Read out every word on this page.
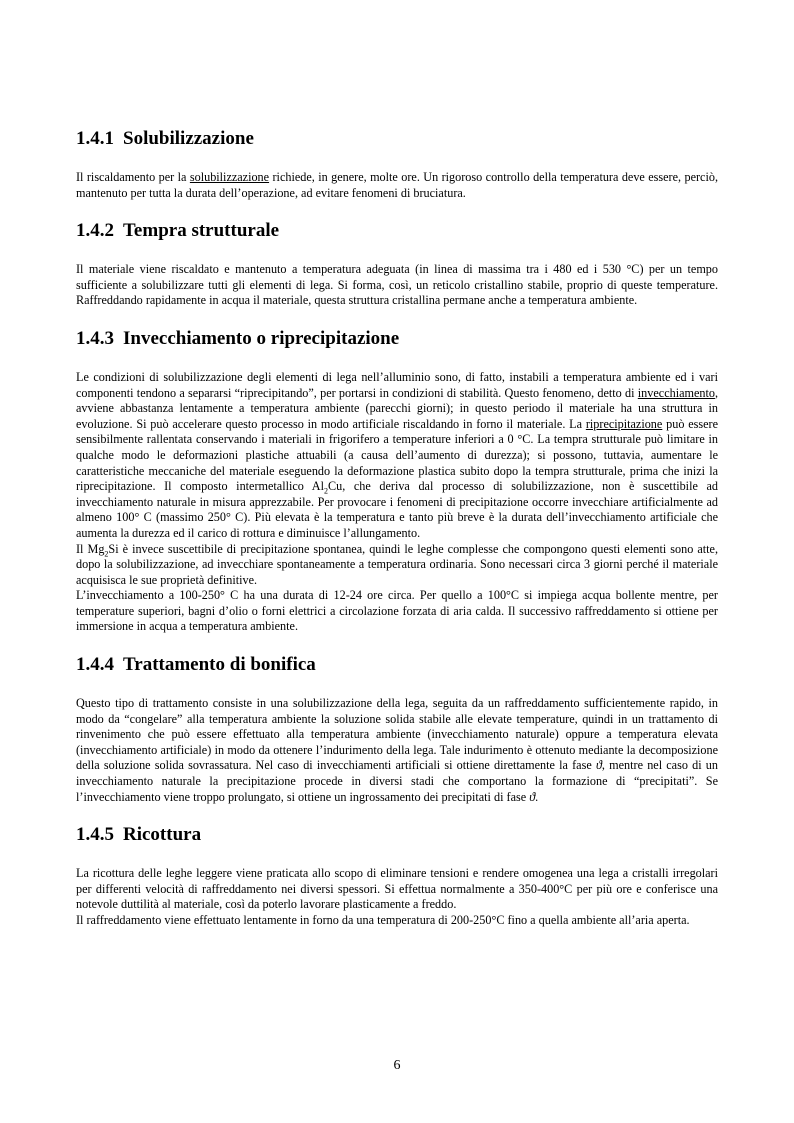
1.4.1 Solubilizzazione

Il riscaldamento per la solubilizzazione richiede, in genere, molte ore. Un rigoroso controllo della temperatura deve essere, perciò, mantenuto per tutta la durata dell’operazione, ad evitare fenomeni di bruciatura.

1.4.2 Tempra strutturale

Il materiale viene riscaldato e mantenuto a temperatura adeguata (in linea di massima tra i 480 ed i 530 °C) per un tempo sufficiente a solubilizzare tutti gli elementi di lega. Si forma, così, un reticolo cristallino stabile, proprio di queste temperature. Raffreddando rapidamente in acqua il materiale, questa struttura cristallina permane anche a temperatura ambiente.

1.4.3 Invecchiamento o riprecipitazione

Le condizioni di solubilizzazione degli elementi di lega nell’alluminio sono, di fatto, instabili a temperatura ambiente ed i vari componenti tendono a separarsi “riprecipitando”, per portarsi in condizioni di stabilità. Questo fenomeno, detto di invecchiamento, avviene abbastanza lentamente a temperatura ambiente (parecchi giorni); in questo periodo il materiale ha una struttura in evoluzione. Si può accelerare questo processo in modo artificiale riscaldando in forno il materiale. La riprecipitazione può essere sensibilmente rallentata conservando i materiali in frigorifero a temperature inferiori a 0 °C. La tempra strutturale può limitare in qualche modo le deformazioni plastiche attuabili (a causa dell’aumento di durezza); si possono, tuttavia, aumentare le caratteristiche meccaniche del materiale eseguendo la deformazione plastica subito dopo la tempra strutturale, prima che inizi la riprecipitazione. Il composto intermetallico $Al_2Cu$, che deriva dal processo di solubilizzazione, non è suscettibile ad invecchiamento naturale in misura apprezzabile. Per provocare i fenomeni di precipitazione occorre invecchiare artificialmente ad almeno 100° C (massimo 250° C). Più elevata è la temperatura e tanto più breve è la durata dell’invecchiamento artificiale che aumenta la durezza ed il carico di rottura e diminuisce l’allungamento.

Il $Mg_2Si$ è invece suscettibile di precipitazione spontanea, quindi le leghe complesse che compongono questi elementi sono atte, dopo la solubilizzazione, ad invecchiare spontaneamente a temperatura ordinaria. Sono necessari circa 3 giorni perché il materiale acquisisca le sue proprietà definitive.

L’invecchiamento a 100-250° C ha una durata di 12-24 ore circa. Per quello a 100°C si impiega acqua bollente mentre, per temperature superiori, bagni d’olio o forni elettrici a circolazione forzata di aria calda. Il successivo raffreddamento si ottiene per immersione in acqua a temperatura ambiente.

1.4.4 Trattamento di bonifica

Questo tipo di trattamento consiste in una solubilizzazione della lega, seguita da un raffreddamento sufficientemente rapido, in modo da “congelare” alla temperatura ambiente la soluzione solida stabile alle elevate temperature, quindi in un trattamento di rinvenimento che può essere effettuato alla temperatura ambiente (invecchiamento naturale) oppure a temperatura elevata (invecchiamento artificiale) in modo da ottenere l’indurimento della lega. Tale indurimento è ottenuto mediante la decomposizione della soluzione solida sovrassatura. Nel caso di invecchiamenti artificiali si ottiene direttamente la fase ϑ, mentre nel caso di un invecchiamento naturale la precipitazione procede in diversi stadi che comportano la formazione di “precipitati”. Se l’invecchiamento viene troppo prolungato, si ottiene un ingrossamento dei precipitati di fase ϑ.

1.4.5 Ricottura

La ricottura delle leghe leggere viene praticata allo scopo di eliminare tensioni e rendere omogenea una lega a cristalli irregolari per differenti velocità di raffreddamento nei diversi spessori. Si effettua normalmente a 350-400°C per più ore e conferisce una notevole duttilità al materiale, così da poterlo lavorare plasticamente a freddo.

Il raffreddamento viene effettuato lentamente in forno da una temperatura di 200-250°C fino a quella ambiente all’aria aperta.

6
